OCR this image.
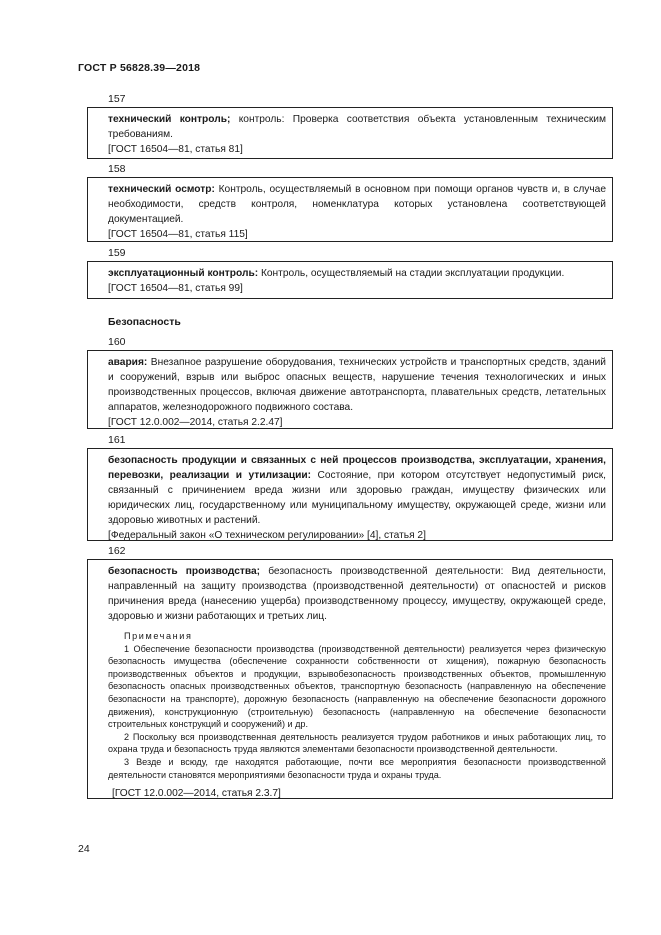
ГОСТ Р 56828.39—2018
157

технический контроль; контроль: Проверка соответствия объекта установленным техническим требованиям.

[ГОСТ 16504—81, статья 81]

158

технический осмотр: Контроль, осуществляемый в основном при помощи органов чувств и, в случае необходимости, средств контроля, номенклатура которых установлена соответствующей документацией.

[ГОСТ 16504—81, статья 115]

159

эксплуатационный контроль: Контроль, осуществляемый на стадии эксплуатации продукции.

[ГОСТ 16504—81, статья 99]

Безопасность
160

авария: Внезапное разрушение оборудования, технических устройств и транспортных средств, зданий и сооружений, взрыв или выброс опасных веществ, нарушение течения технологических и иных производственных процессов, включая движение автотранспорта, плавательных средств, летательных аппаратов, железнодорожного подвижного состава.

[ГОСТ 12.0.002—2014, статья 2.2.47]

161

безопасность продукции и связанных с ней процессов производства, эксплуатации, хранения, перевозки, реализации и утилизации: Состояние, при котором отсутствует недопустимый риск, связанный с причинением вреда жизни или здоровью граждан, имуществу физических или юридических лиц, государственному или муниципальному имуществу, окружающей среде, жизни или здоровью животных и растений.

[Федеральный закон «О техническом регулировании» [4], статья 2]

162

безопасность производства; безопасность производственной деятельности: Вид деятельности, направленный на защиту производства (производственной деятельности) от опасностей и рисков причинения вреда (нанесению ущерба) производственному процессу, имуществу, окружающей среде, здоровью и жизни работающих и третьих лиц.

Примечания

1 Обеспечение безопасности производства (производственной деятельности) реализуется через физическую безопасность имущества (обеспечение сохранности собственности от хищения), пожарную безопасность производственных объектов и продукции, взрывобезопасность производственных объектов, промышленную безопасность опасных производственных объектов, транспортную безопасность (направленную на обеспечение безопасности на транспорте), дорожную безопасность (направленную на обеспечение безопасности дорожного движения), конструкционную (строительную) безопасность (направленную на обеспечение безопасности строительных конструкций и сооружений) и др.

2 Поскольку вся производственная деятельность реализуется трудом работников и иных работающих лиц, то охрана труда и безопасность труда являются элементами безопасности производственной деятельности.

3 Везде и всюду, где находятся работающие, почти все мероприятия безопасности производственной деятельности становятся мероприятиями безопасности труда и охраны труда.

[ГОСТ 12.0.002—2014, статья 2.3.7]

24
